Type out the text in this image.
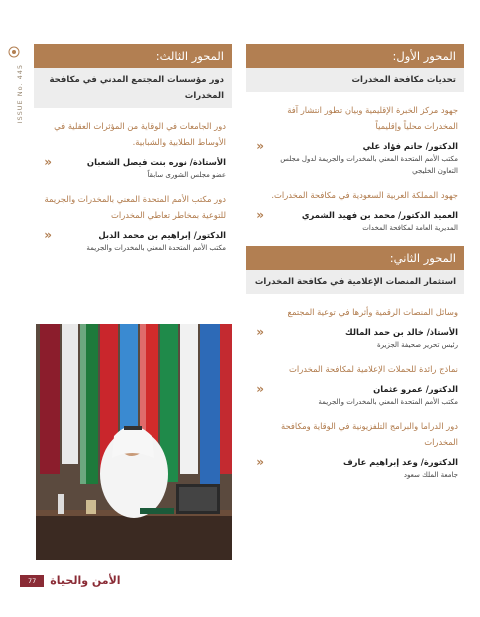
ISSUE No. 445
المحور الأول:
تحديات مكافحة المخدرات
جهود مركز الخبرة الإقليمية وبيان تطور انتشار آفة المخدرات محلياً وإقليمياً
الدكتور/ حاتم فؤاد علي
مكتب الأمم المتحدة المعني بالمخدرات والجريمة لدول مجلس التعاون الخليجي
«
جهود المملكة العربية السعودية في مكافحة المخدرات.
العميد الدكتور/ محمد بن فهيد الشمري
المديرية العامة لمكافحة المخدات
«
المحور الثاني:
استثمار المنصات الإعلامية في مكافحة المخدرات
وسائل المنصات الرقمية وأثرها في توعية المجتمع
الأستاذ/ خالد بن حمد المالك
رئيس تحرير صحيفة الجزيرة
«
نماذج رائدة للحملات الإعلامية لمكافحة المخدرات
الدكتور/ عمرو عثمان
مكتب الأمم المتحدة المعني بالمخدرات والجريمة
«
دور الدراما والبرامج التلفزيونية في الوقاية ومكافحة المخدرات
الدكتورة/ وعد إبراهيم عارف
جامعة الملك سعود
«
المحور الثالث:
دور مؤسسات المجتمع المدني في مكافحة المخدرات
دور الجامعات في الوقاية من المؤثرات العقلية في الأوساط الطلابية والشبابية.
الأستاذة/ نوره بنت فيصل الشعبان
عضو مجلس الشورى سابقاً
«
دور مكتب الأمم المتحدة المعني بالمخدرات والجريمة للتوعية بمخاطر تعاطي المخدرات
الدكتور/ إبراهيم بن محمد الدبل
مكتب الأمم المتحدة المعني بالمخدرات والجريمة
«
77	الأمن والحياة
